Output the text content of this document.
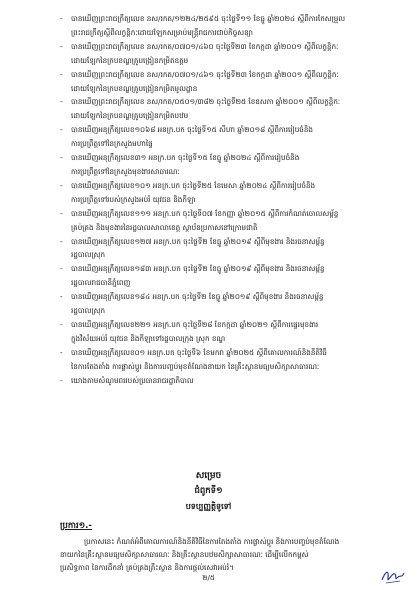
- បានឃើញព្រះរាជក្រឹត្យលេខ នស/រកត/១២២៤/២៥៩៥ ចុះថ្ងៃទី១១ ខែធ្នូ ឆ្នាំ២០២៤ ស្ដីពីការកែសម្រួល
ព្រះរាជក្រឹត្យស្ដីពីលក្ខន្តិកៈដោយឡែកសម្រាប់មន្ត្រីរាជការជាប់កិច្ចសន្យា
- បានឃើញព្រះរាជក្រឹត្យលេខ នស/រកត/០៧០១/៤៦០ ចុះថ្ងៃទី២៣ ខែកក្កដា ឆ្នាំ២០០១ ស្ដីពីលក្ខន្តិកៈ
ដោយឡែកនៃក្របខណ្ឌគ្រូបង្រៀនកម្រិតឧត្តម
- បានឃើញព្រះរាជក្រឹត្យលេខ នស/រកត/០៧០១/៤៦១ ចុះថ្ងៃទី២៣ ខែកក្កដា ឆ្នាំ២០០១ ស្ដីពីលក្ខន្តិកៈ
ដោយឡែកនៃក្របខណ្ឌគ្រូបង្រៀនកម្រិតមូលដ្ឋាន
- បានឃើញព្រះរាជក្រឹត្យលេខ នស/រកត/០៥០១/៣៨២ ចុះថ្ងៃទី២៥ ខែឧសភា ឆ្នាំ២០០១ ស្ដីពីលក្ខន្តិកៈ
ដោយឡែកនៃក្របខណ្ឌគ្រូបង្រៀនកម្រិតបឋម
- បានឃើញអនុក្រឹត្យលេខ១០៦៨ អនក្រ.បក ចុះថ្ងៃទី១៥ សីហា ឆ្នាំ២០១៨ ស្ដីពីការរៀបចំនិង
ការប្រព្រឹត្តទៅនៃក្រសួងមហាផ្ទៃ
- បានឃើញអនុក្រឹត្យលេខ៣១ អនក្រ.បក ចុះថ្ងៃទី១៥ ខែធ្នូ ឆ្នាំ២០២៤ ស្ដីពីការរៀបចំនិង
ការប្រព្រឹត្តទៅនៃក្រសួងមុខងារសាធារណៈ
- បានឃើញអនុក្រឹត្យលេខ១០១ អនក្រ.បក ចុះថ្ងៃទី២៥ ខែមេសា ឆ្នាំ២០២៤ ស្ដីពីការរៀបចំនិង
ការប្រព្រឹត្តទៅរបស់ក្រសួងអប់រំ យុវជន និងកីឡា
- បានឃើញអនុក្រឹត្យលេខ១១១ អនក្រ.បក ចុះថ្ងៃទី០៧ ខែកញ្ញា ឆ្នាំ២០១៥ ស្ដីពីការកំណត់ចោលសម្ព័ន្ធ
គ្រប់គ្រង និងមុខងារនៃរដ្ឋបាលសាលាខេត្ត ស្ថាប័នប្រកាសនៅក្រោមជាតិ
- បានឃើញអនុក្រឹត្យលេខ១២៧ អនក្រ.បក ចុះថ្ងៃទី២ ខែធ្នូ ឆ្នាំ២០១៩ ស្ដីពីមុខងារ និងរចនាសម្ព័ន្ធ
រដ្ឋបាលស្រុក
- បានឃើញអនុក្រឹត្យលេខ១៨៣ អនក្រ.បក ចុះថ្ងៃទី២ ខែធ្នូ ឆ្នាំ២០១៩ ស្ដីពីមុខងារ និងរចនាសម្ព័ន្ធ
រដ្ឋបាលរាជធានីភ្នំពេញ
- បានឃើញអនុក្រឹត្យលេខ១៨៤ អនក្រ.បក ចុះថ្ងៃទី២ ខែធ្នូ ឆ្នាំ២០១៩ ស្ដីពីមុខងារ និងរចនាសម្ព័ន្ធ
រដ្ឋបាលស្រុក
- បានឃើញអនុក្រឹត្យលេខ២២១ អនក្រ.បក ចុះថ្ងៃទី២៨ ខែកក្កដា ឆ្នាំ២០២១ ស្ដីពីការផ្ទេរមុខងារ
ក្នុងវិស័យអប់រំ យុវជន និងកីឡាទៅរដ្ឋបាលក្រុង ស្រុក ខណ្ឌ
- បានឃើញអនុក្រឹត្យលេខ០១ អនក្រ.បក ចុះថ្ងៃទី៦ ខែមករា ឆ្នាំ២០២៥ ស្ដីពីគោលការណ៍និងនីតិវិធី
នៃការតែងតាំង ការផ្លាស់ប្ដូរ និងការបញ្ចប់មុខតំណែងនាយក នៃគ្រឹះស្ថានមធ្យមសិក្សាសាធារណៈ
- យោងតាមសំណូមពររបស់ប្រធានរាជរដ្ឋាភិបាល
សម្រេច
ជំពូកទី១
បទប្បញ្ញត្តិទូទៅ
ប្រការ១.-
ប្រកាសនេះ កំណត់អំពីគោលការណ៍និងនីតិវិធីនៃការតែងតាំង ការផ្លាស់ប្ដូរ និងការបញ្ចប់មុខតំណែង
នាយកនៃគ្រឹះស្ថានមធ្យមសិក្សាសាធារណៈ និងគ្រឹះស្ថានបឋមសិក្សាសាធារណៈ ដើម្បីលើកកម្ពស់
ប្រសិទ្ធភាព នៃការដឹកនាំ គ្រប់គ្រងគ្រឹះស្ថាន និងការផ្ដល់សេវាអប់រំ។
២/៥
